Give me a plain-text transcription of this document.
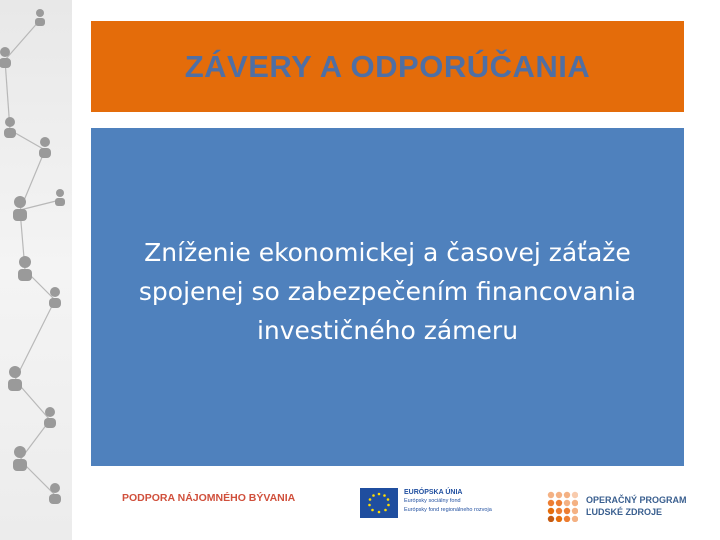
ZÁVERY A ODPORÚČANIA
Zníženie ekonomickej a časovej záťaže spojenej so zabezpečením financovania investičného zámeru
PODPORA NÁJOMNÉHO BÝVANIA	EURÓPSKA ÚNIA
Európsky sociálny fond
Európsky fond regionálneho rozvoja
OPERAČNÝ PROGRAM
ĽUDSKÉ ZDROJE
